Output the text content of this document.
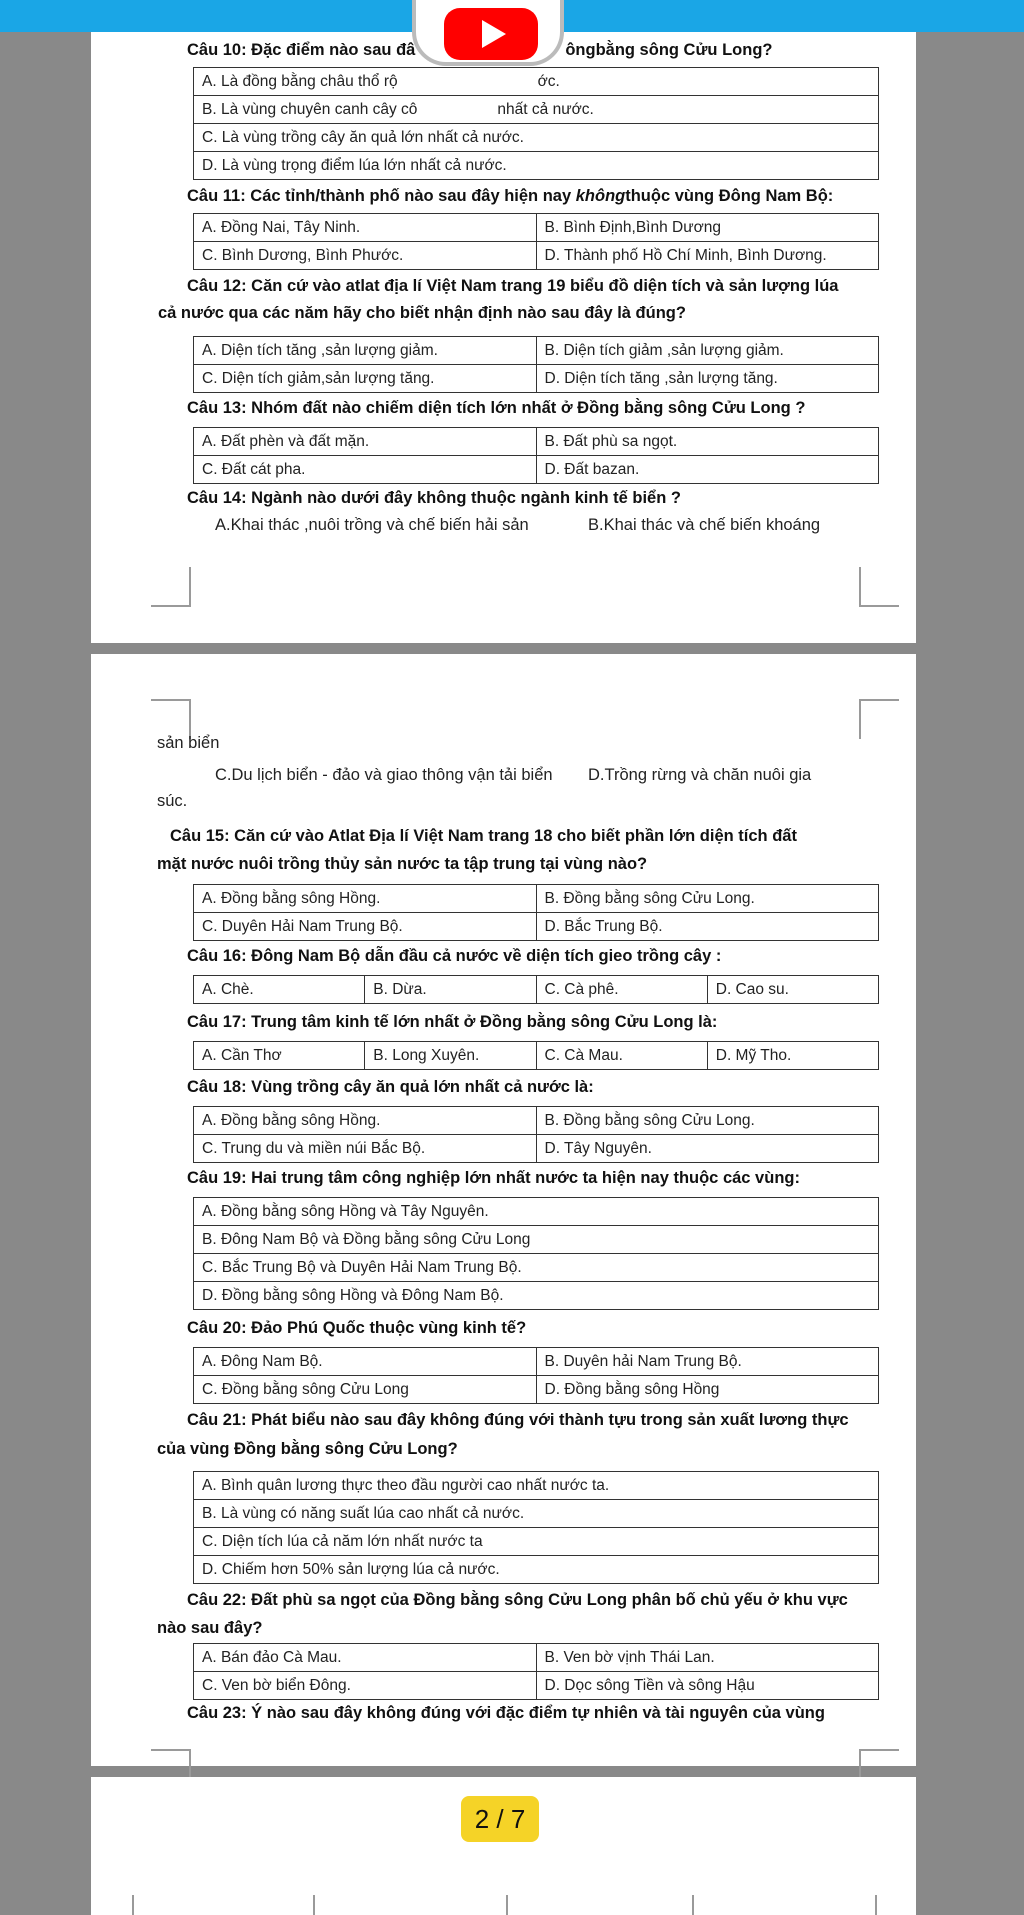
Câu 10: Đặc điểm nào sau đâ	ôngbằng sông Cửu Long?
A. Là đồng bằng châu thổ rộ	ớc.
B. Là vùng chuyên canh cây cô	nhất cả nước.
C. Là vùng trồng cây ăn quả lớn nhất cả nước.
D. Là vùng trọng điểm lúa lớn nhất cả nước.
Câu 11: Các tỉnh/thành phố nào sau đây hiện nay khôngthuộc vùng Đông Nam Bộ:
A. Đồng Nai, Tây Ninh.	B. Bình Định,Bình Dương
C. Bình Dương, Bình Phước.	D. Thành phố Hồ Chí Minh, Bình Dương.
Câu 12: Căn cứ vào atlat địa lí Việt Nam trang 19 biểu đồ diện tích và sản lượng lúa
cả nước qua các năm hãy cho biết nhận định nào sau đây là đúng?
A. Diện tích tăng ,sản lượng giảm.	B. Diện tích giảm ,sản lượng giảm.
C. Diện tích giảm,sản lượng tăng.	D. Diện tích tăng ,sản lượng tăng.
Câu 13: Nhóm đất nào chiếm diện tích lớn nhất ở Đồng bằng sông Cửu Long ?
A. Đất phèn và đất mặn.	B. Đất phù sa ngọt.
C. Đất cát pha.	D. Đất bazan.
Câu 14: Ngành nào dưới đây không thuộc ngành kinh tế biển ?
A.Khai thác ,nuôi trồng và chế biến hải sản	B.Khai thác và chế biến khoáng
sản biển
C.Du lịch biển - đảo và giao thông vận tải biển D.Trồng rừng và chăn nuôi gia
súc.
Câu 15: Căn cứ vào Atlat Địa lí Việt Nam trang 18 cho biết phần lớn diện tích đất
mặt nước nuôi trồng thủy sản nước ta tập trung tại vùng nào?
A. Đồng bằng sông Hồng.	B. Đồng bằng sông Cửu Long.
C. Duyên Hải Nam Trung Bộ.	D. Bắc Trung Bộ.
Câu 16: Đông Nam Bộ dẫn đầu cả nước về diện tích gieo trồng cây :
A. Chè.	B. Dừa.	C. Cà phê.	D. Cao su.
Câu 17: Trung tâm kinh tế lớn nhất ở Đồng bằng sông Cửu Long là:
A. Cần Thơ	B. Long Xuyên.	C. Cà Mau.	D. Mỹ Tho.
Câu 18: Vùng trồng cây ăn quả lớn nhất cả nước là:
A. Đồng bằng sông Hồng.	B. Đồng bằng sông Cửu Long.
C. Trung du và miền núi Bắc Bộ.	D. Tây Nguyên.
Câu 19: Hai trung tâm công nghiệp lớn nhất nước ta hiện nay thuộc các vùng:
A. Đồng bằng sông Hồng và Tây Nguyên.
B. Đông Nam Bộ và Đồng bằng sông Cửu Long
C. Bắc Trung Bộ và Duyên Hải Nam Trung Bộ.
D. Đồng bằng sông Hồng và Đông Nam Bộ.
Câu 20: Đảo Phú Quốc thuộc vùng kinh tế?
A. Đông Nam Bộ.	B. Duyên hải Nam Trung Bộ.
C. Đồng bằng sông Cửu Long	D. Đồng bằng sông Hồng
Câu 21: Phát biểu nào sau đây không đúng với thành tựu trong sản xuất lương thực
của vùng Đồng bằng sông Cửu Long?
A. Bình quân lương thực theo đầu người cao nhất nước ta.
B. Là vùng có năng suất lúa cao nhất cả nước.
C. Diện tích lúa cả năm lớn nhất nước ta
D. Chiếm hơn 50% sản lượng lúa cả nước.
Câu 22: Đất phù sa ngọt của Đồng bằng sông Cửu Long phân bố chủ yếu ở khu vực
nào sau đây?
A. Bán đảo Cà Mau.	B. Ven bờ vịnh Thái Lan.
C. Ven bờ biển Đông.	D. Dọc sông Tiền và sông Hậu
Câu 23: Ý nào sau đây không đúng với đặc điểm tự nhiên và tài nguyên của vùng
2 / 7
